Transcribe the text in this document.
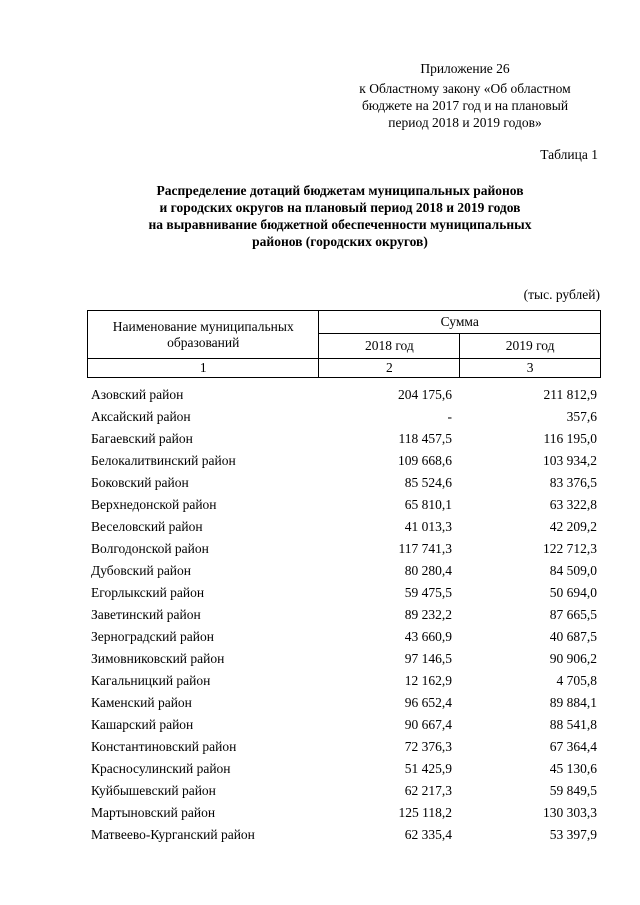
Приложение 26
к Областному закону «Об областном
бюджете на 2017 год и на плановый
период 2018 и 2019 годов»
Таблица 1
Распределение дотаций бюджетам муниципальных районов
и городских округов на плановый период 2018 и 2019 годов
на выравнивание бюджетной обеспеченности муниципальных
районов (городских округов)
(тыс. рублей)
Наименование муниципальных образований	Сумма	
	2018 год	2019 год
1	2	3
Азовский район	204 175,6	211 812,9
Аксайский район	-	357,6
Багаевский район	118 457,5	116 195,0
Белокалитвинский район	109 668,6	103 934,2
Боковский район	85 524,6	83 376,5
Верхнедонской район	65 810,1	63 322,8
Веселовский район	41 013,3	42 209,2
Волгодонской район	117 741,3	122 712,3
Дубовский район	80 280,4	84 509,0
Егорлыкский район	59 475,5	50 694,0
Заветинский район	89 232,2	87 665,5
Зерноградский район	43 660,9	40 687,5
Зимовниковский район	97 146,5	90 906,2
Кагальницкий район	12 162,9	4 705,8
Каменский район	96 652,4	89 884,1
Кашарский район	90 667,4	88 541,8
Константиновский район	72 376,3	67 364,4
Красносулинский район	51 425,9	45 130,6
Куйбышевский район	62 217,3	59 849,5
Мартыновский район	125 118,2	130 303,3
Матвеево-Курганский район	62 335,4	53 397,9
